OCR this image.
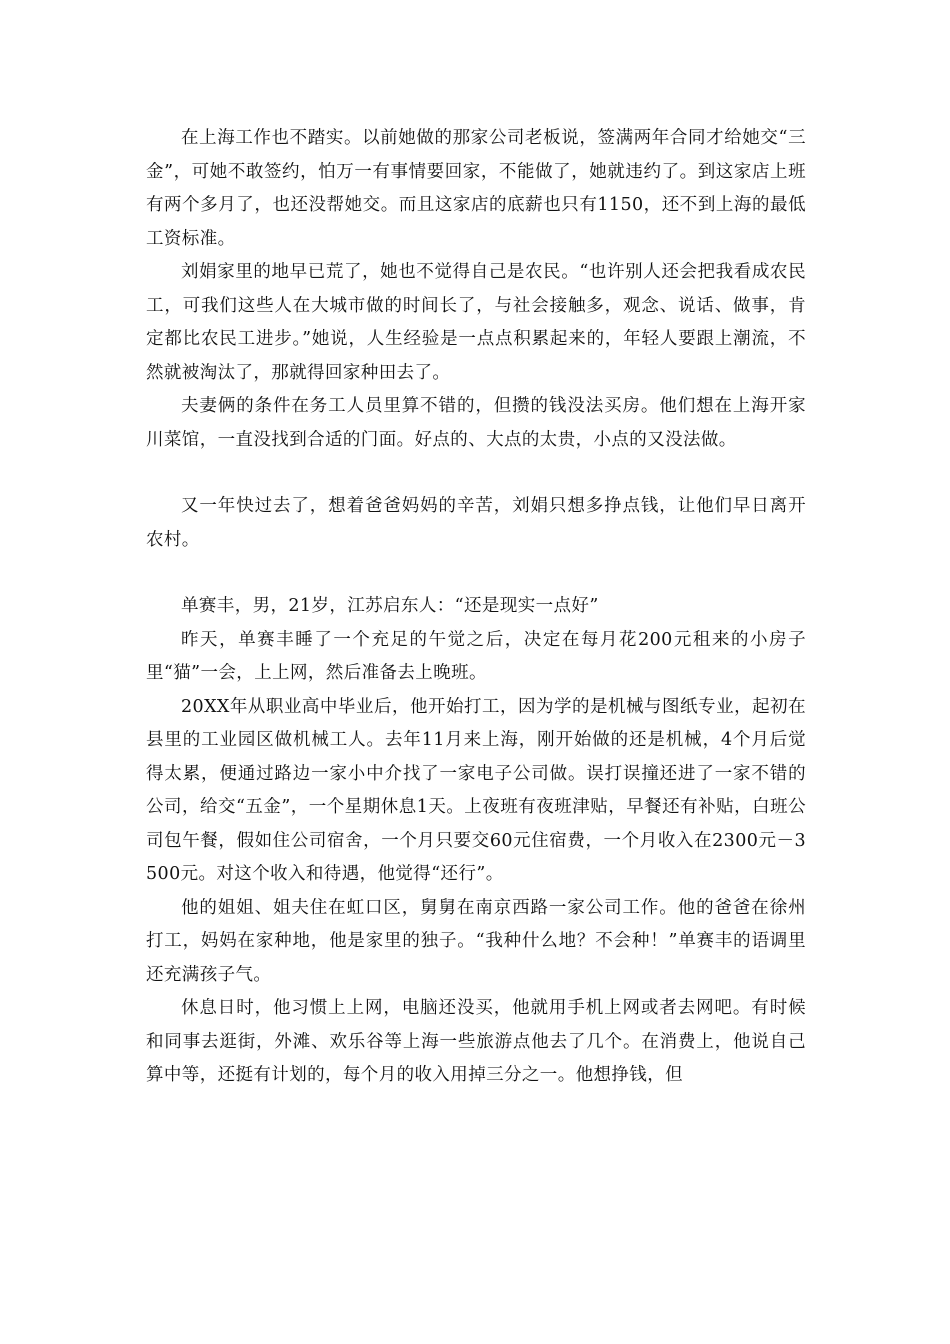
在上海工作也不踏实。以前她做的那家公司老板说，签满两年合同才给她交“三金”，可她不敢签约，怕万一有事情要回家，不能做了，她就违约了。到这家店上班有两个多月了，也还没帮她交。而且这家店的底薪也只有1150，还不到上海的最低工资标准。

刘娟家里的地早已荒了，她也不觉得自己是农民。“也许别人还会把我看成农民工，可我们这些人在大城市做的时间长了，与社会接触多，观念、说话、做事，肯定都比农民工进步。”她说，人生经验是一点点积累起来的，年轻人要跟上潮流，不然就被淘汰了，那就得回家种田去了。

夫妻俩的条件在务工人员里算不错的，但攒的钱没法买房。他们想在上海开家川菜馆，一直没找到合适的门面。好点的、大点的太贵，小点的又没法做。

又一年快过去了，想着爸爸妈妈的辛苦，刘娟只想多挣点钱，让他们早日离开农村。

单赛丰，男，21岁，江苏启东人：“还是现实一点好”

昨天，单赛丰睡了一个充足的午觉之后，决定在每月花200元租来的小房子里“猫”一会，上上网，然后准备去上晚班。

20XX年从职业高中毕业后，他开始打工，因为学的是机械与图纸专业，起初在县里的工业园区做机械工人。去年11月来上海，刚开始做的还是机械，4个月后觉得太累，便通过路边一家小中介找了一家电子公司做。误打误撞还进了一家不错的公司，给交“五金”，一个星期休息1天。上夜班有夜班津贴，早餐还有补贴，白班公司包午餐，假如住公司宿舍，一个月只要交60元住宿费，一个月收入在2300元－3500元。对这个收入和待遇，他觉得“还行”。

他的姐姐、姐夫住在虹口区，舅舅在南京西路一家公司工作。他的爸爸在徐州打工，妈妈在家种地，他是家里的独子。“我种什么地？不会种！”单赛丰的语调里还充满孩子气。

休息日时，他习惯上上网，电脑还没买，他就用手机上网或者去网吧。有时候和同事去逛街，外滩、欢乐谷等上海一些旅游点他去了几个。在消费上，他说自己算中等，还挺有计划的，每个月的收入用掉三分之一。他想挣钱，但
